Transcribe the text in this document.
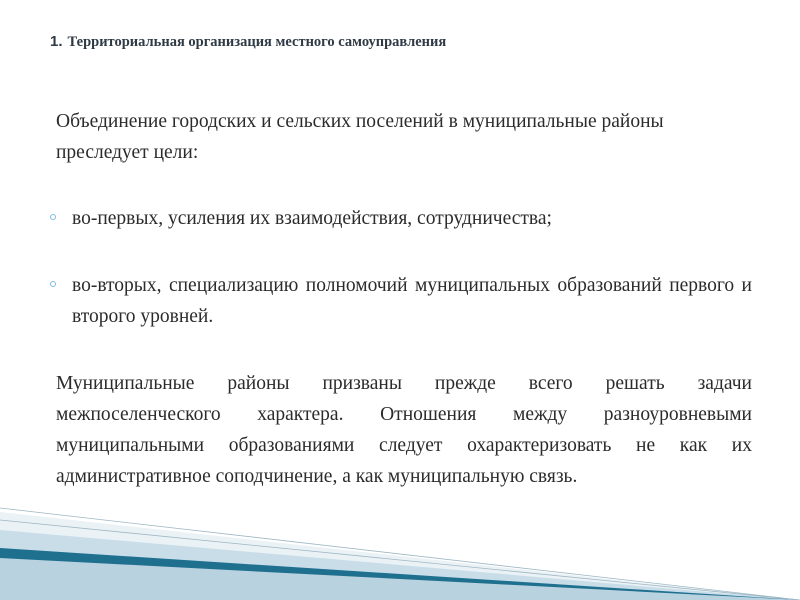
1. Территориальная организация местного самоуправления
Объединение городских и сельских поселений в муниципальные районы преследует цели:
во-первых, усиления их взаимодействия, сотрудничества;
во-вторых, специализацию полномочий муниципальных образований первого и второго уровней.
Муниципальные районы призваны прежде всего решать задачи межпоселенческого характера. Отношения между разноуровневыми муниципальными образованиями следует охарактеризовать не как их административное соподчинение, а как муниципальную связь.
